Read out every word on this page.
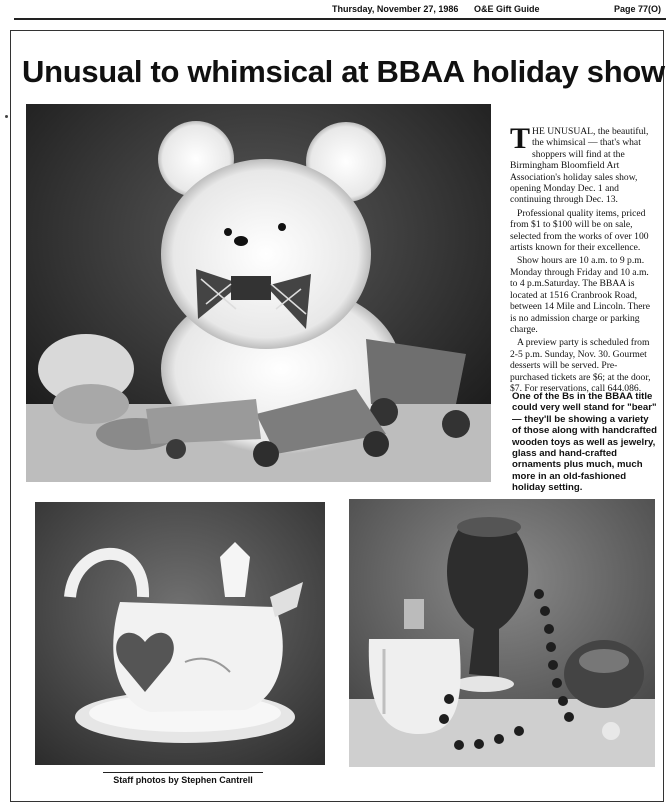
Thursday, November 27, 1986 O&E Gift Guide	Page 77(O)
Unusual to whimsical at BBAA holiday show

THE UNUSUAL, the beautiful, the whimsical — that's what shoppers will find at the Birmingham Bloomfield Art Association's holiday sales show, opening Monday Dec. 1 and continuing through Dec. 13.

Professional quality items, priced from $1 to $100 will be on sale, selected from the works of over 100 artists known for their excellence.

Show hours are 10 a.m. to 9 p.m. Monday through Friday and 10 a.m. to 4 p.m.Saturday. The BBAA is located at 1516 Cranbrook Road, between 14 Mile and Lincoln. There is no admission charge or parking charge.

A preview party is scheduled from 2-5 p.m. Sunday, Nov. 30. Gourmet desserts will be served. Pre-purchased tickets are $6; at the door, $7. For reservations, call 644.086.

One of the Bs in the BBAA title could very well stand for "bear" — they'll be showing a variety of those along with handcrafted wooden toys as well as jewelry, glass and hand-crafted ornaments plus much, much more in an old-fashioned holiday setting.
Staff photos by Stephen Cantrell
